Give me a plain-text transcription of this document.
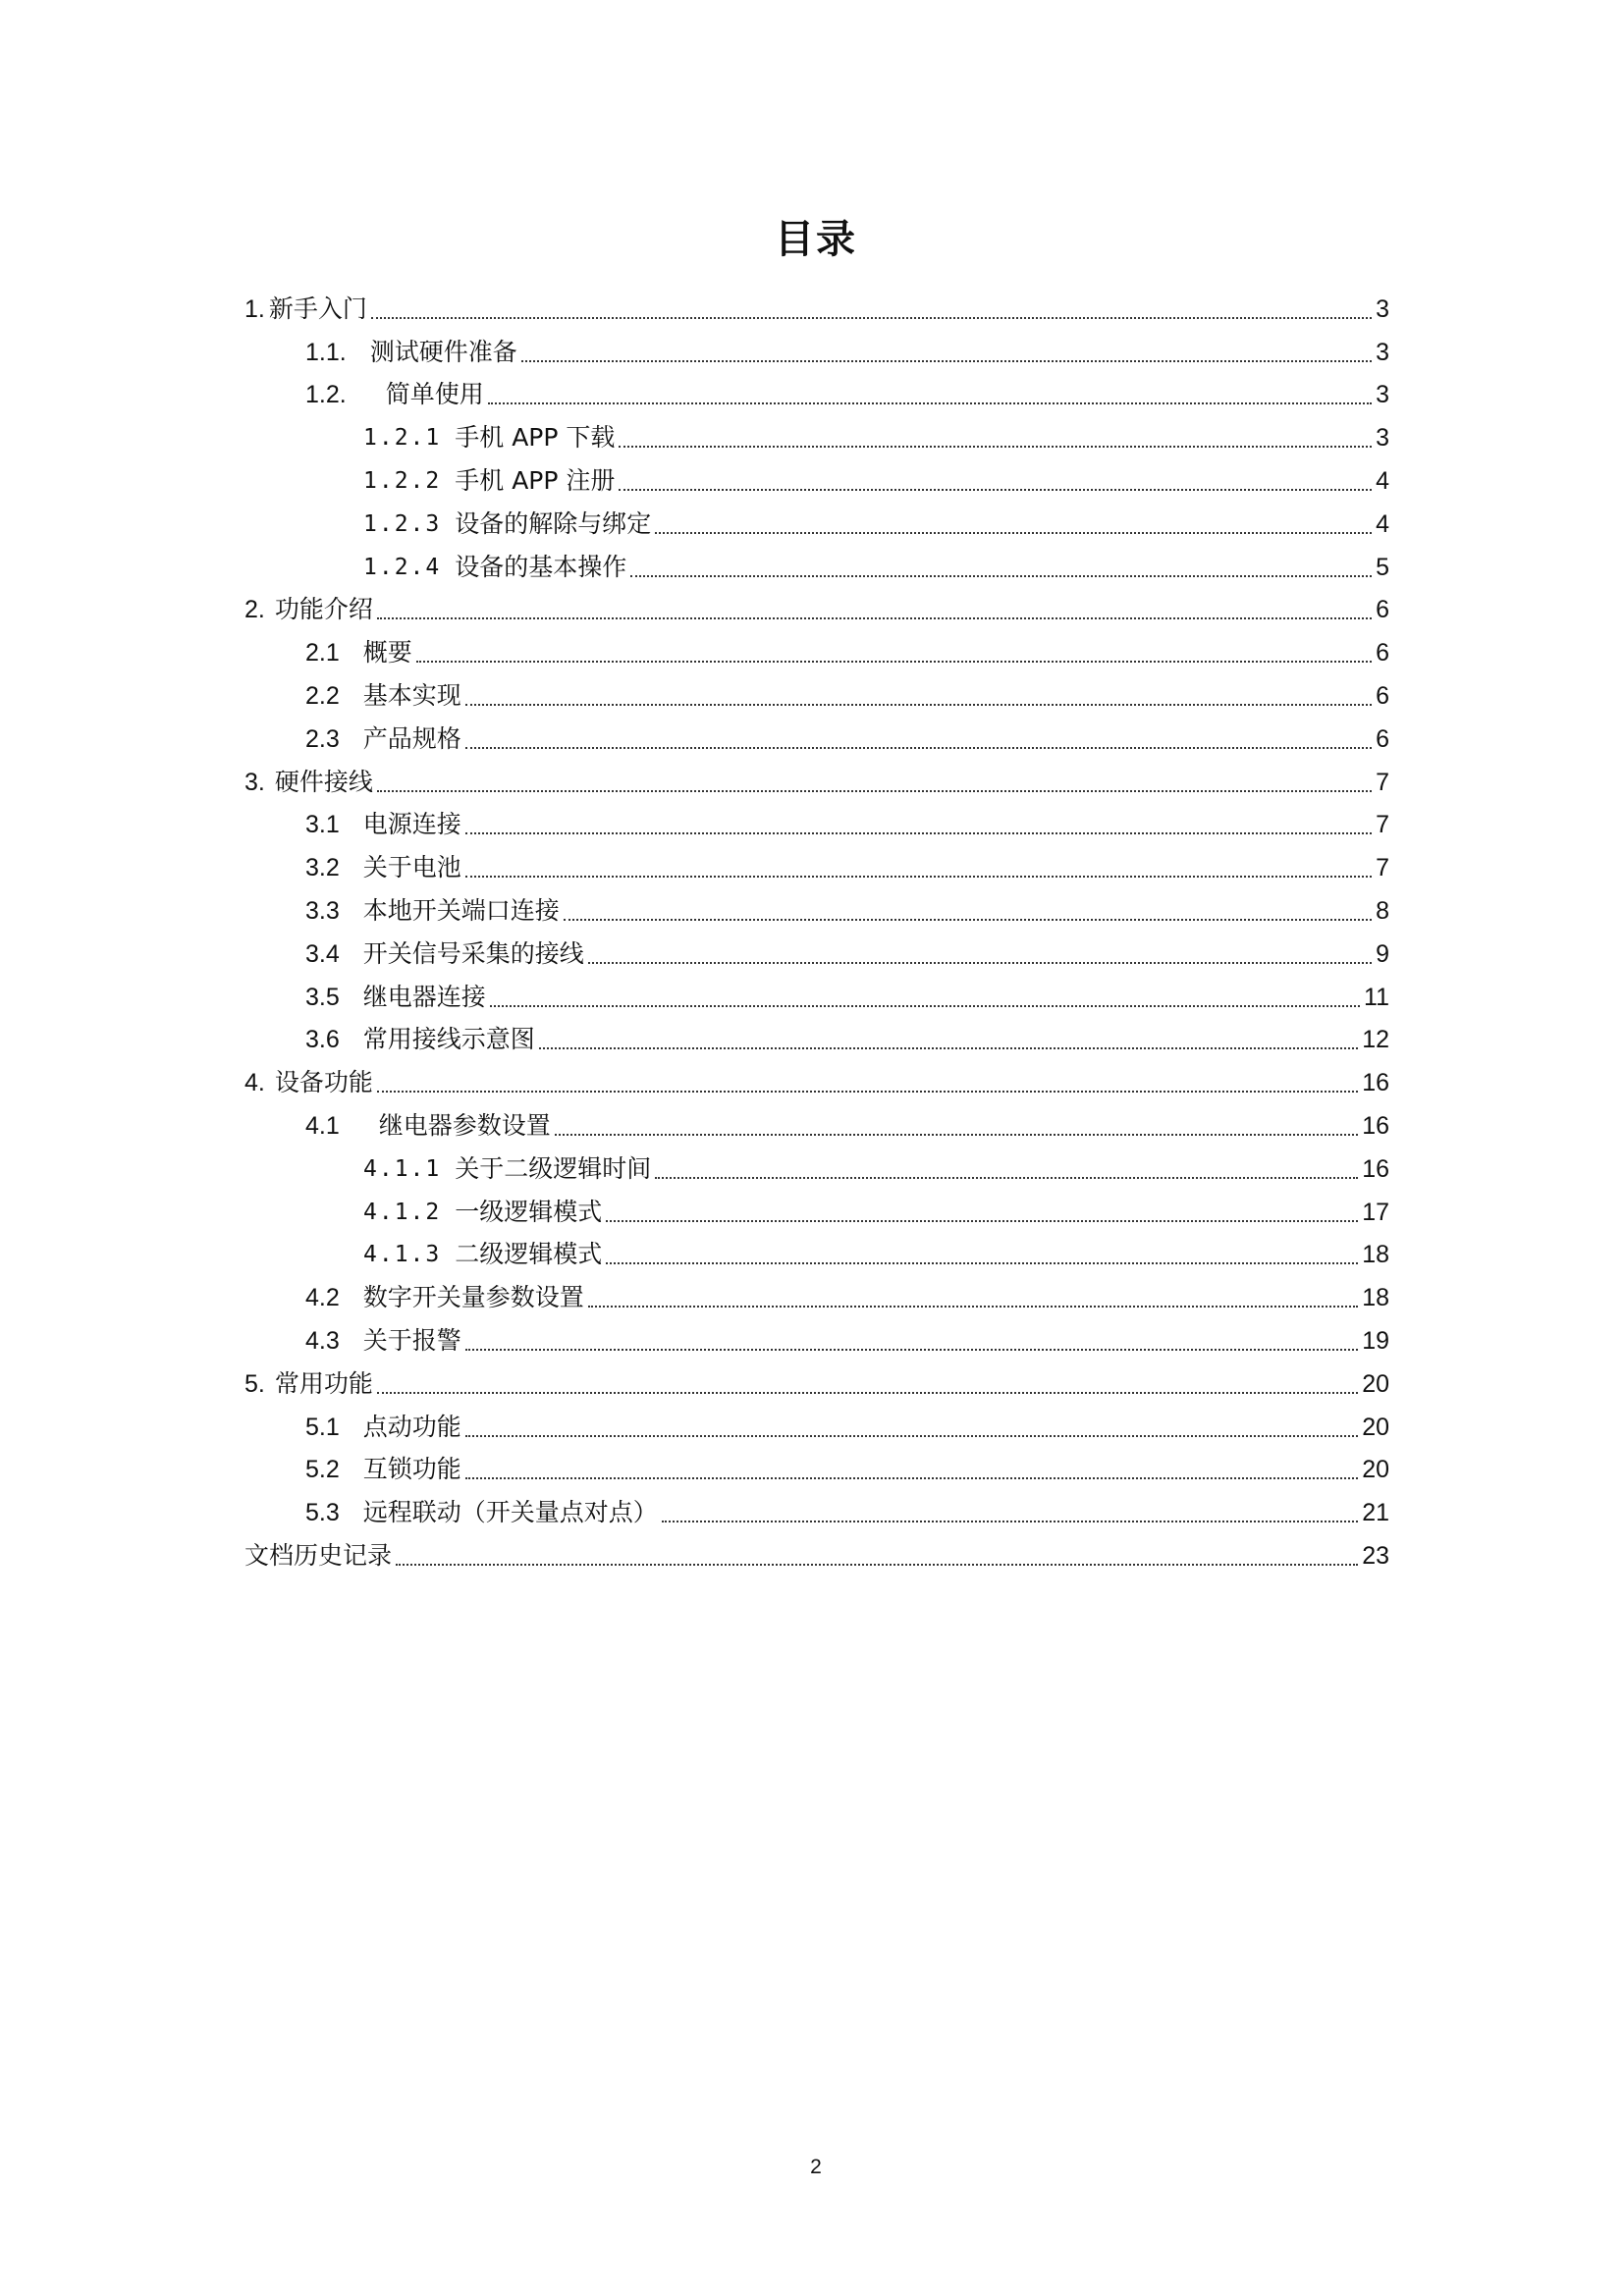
目录
1. 新手入门	3
1.1. 测试硬件准备	3
1.2. 简单使用	3
1.2.1 手机 APP 下载	3
1.2.2 手机 APP 注册	4
1.2.3 设备的解除与绑定	4
1.2.4 设备的基本操作	5
2. 功能介绍	6
2.1 概要	6
2.2 基本实现	6
2.3 产品规格	6
3. 硬件接线	7
3.1 电源连接	7
3.2 关于电池	7
3.3 本地开关端口连接	8
3.4 开关信号采集的接线	9
3.5 继电器连接	11
3.6 常用接线示意图	12
4. 设备功能	16
4.1 继电器参数设置	16
4.1.1 关于二级逻辑时间	16
4.1.2 一级逻辑模式	17
4.1.3 二级逻辑模式	18
4.2 数字开关量参数设置	18
4.3 关于报警	19
5. 常用功能	20
5.1 点动功能	20
5.2 互锁功能	20
5.3 远程联动（开关量点对点）	21
文档历史记录	23
2
